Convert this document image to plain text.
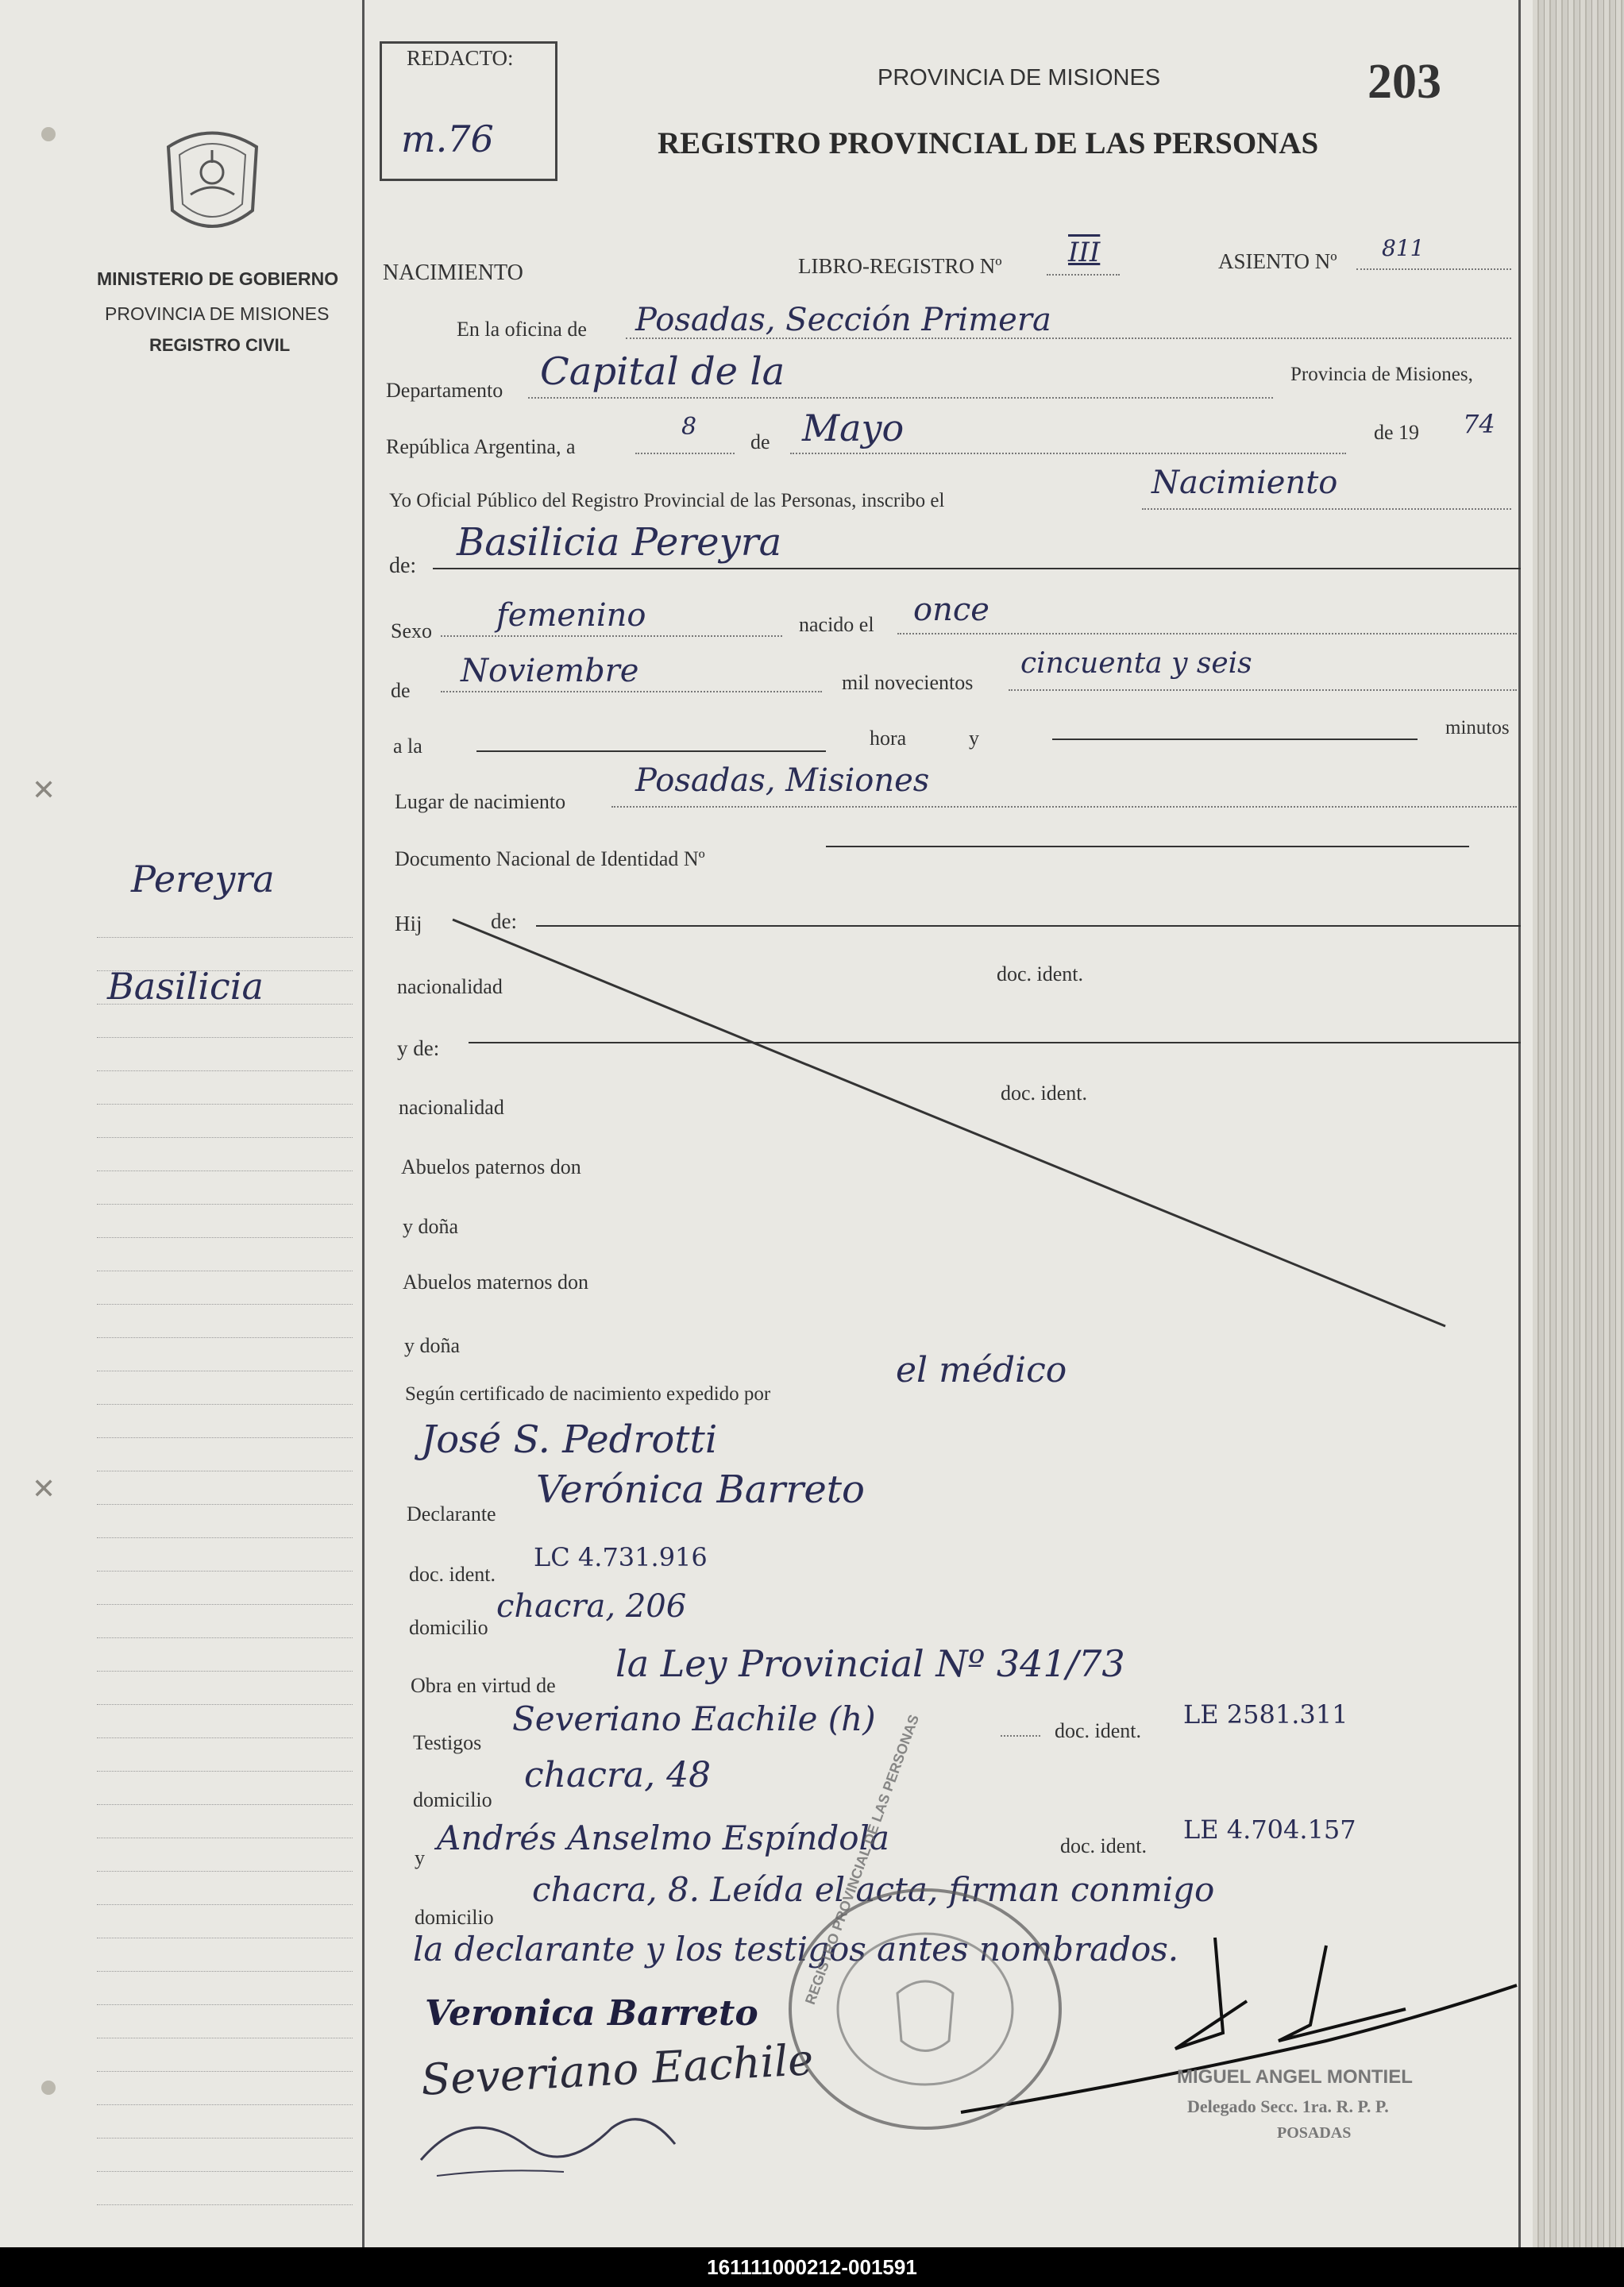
✕
✕
MINISTERIO DE GOBIERNO
PROVINCIA DE MISIONES
REGISTRO CIVIL
Pereyra
Basilicia
REDACTO:
m.76
PROVINCIA DE MISIONES	203
REGISTRO PROVINCIAL DE LAS PERSONAS
NACIMIENTO	LIBRO-REGISTRO Nº III	ASIENTO Nº 811
En la oficina de Posadas, Sección Primera
Departamento Capital de la	Provincia de Misiones,
República Argentina, a
8
de Mayo	de 19 74
Yo Oficial Público del Registro Provincial de las Personas, inscribo el	Nacimiento
de:
Basilicia Pereyra
Sexo femenino	nacido el once
de
Noviembre	mil novecientos
cincuenta y seis
a la	hora	y	minutos
Lugar de nacimiento
Posadas, Misiones
Documento Nacional de Identidad Nº
Hij	de:
nacionalidad
doc. ident.
y de:
nacionalidad
doc. ident.
Abuelos paternos don
y doña
Abuelos maternos don
y doña
Según certificado de nacimiento expedido por
el médico
José S. Pedrotti
Declarante
Verónica Barreto
doc. ident.
LC 4.731.916
domicilio
chacra, 206
Obra en virtud de
la Ley Provincial Nº 341/73
Testigos
Severiano Eachile (h)	doc. ident.
LE 2581.311
domicilio
chacra, 48
y
Andrés Anselmo Espíndola	doc. ident.
LE 4.704.157
domicilio
chacra, 8. Leída el acta, firman conmigo
la declarante y los testigos antes nombrados.
Veronica Barreto
Severiano Eachile
REGISTRO PROVINCIAL DE LAS PERSONAS
MIGUEL ANGEL MONTIEL
Delegado Secc. 1ra. R. P. P.
POSADAS
161111000212-001591
